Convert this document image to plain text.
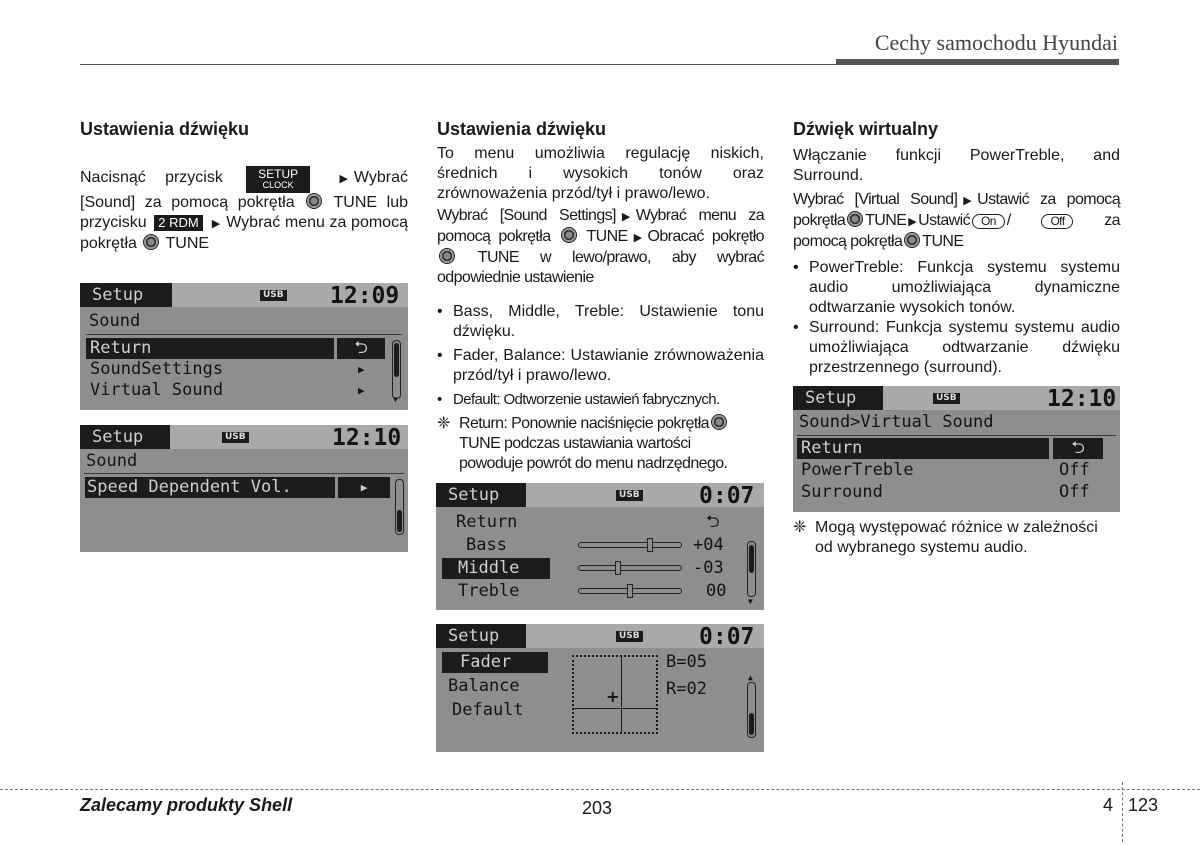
Cechy samochodu Hyundai
Ustawienia dźwięku

Nacisnąć przycisk	SETUP
CLOCK	▶ Wybrać [Sound] za pomocą pokrętła TUNE lub przycisku 2 RDM ▶ Wybrać menu za pomocą pokrętła TUNE

Setup	USB 12:09
Sound
Return	⮌
SoundSettings	▶
Virtual Sound	▶
▼
Setup	USB	12:10
Sound
Speed Dependent Vol.	▶
Ustawienia dźwięku

To menu umożliwia regulację niskich, średnich i wysokich tonów oraz zrównoważenia przód/tył i prawo/lewo.

Wybrać [Sound Settings] ▶ Wybrać menu za pomocą pokrętła TUNE ▶ Obracać pokrętło  TUNE w lewo/prawo, aby wybrać odpowiednie ustawienie

• Bass, Middle, Treble: Ustawienie tonu dźwięku.
• Fader, Balance: Ustawianie zrównoważenia przód/tył i prawo/lewo.
• Default: Odtworzenie ustawień fabrycznych.
❈ Return: Ponownie naciśnięcie pokrętła
TUNE podczas ustawiania wartości
powoduje powrót do menu nadrzędnego.
Setup	USB	0:07
Return	⮌
Bass	+04
Middle	-03
Treble	00
▼
Setup	USB	0:07
Fader
Balance
Default
+
B=05
R=02
▲
Dźwięk wirtualny

Włączanie funkcji PowerTreble, and Surround.

Wybrać [Virtual Sound] ▶ Ustawić za pomocą pokrętła TUNE ▶ Ustawić On / Off za pomocą pokrętła TUNE

• PowerTreble: Funkcja systemu systemu audio umożliwiająca dynamiczne odtwarzanie wysokich tonów.
• Surround: Funkcja systemu systemu audio umożliwiająca odtwarzanie dźwięku przestrzennego (surround).
Setup	USB	12:10
Sound>Virtual Sound
Return	⮌
PowerTreble	Off
Surround	Off
❈ Mogą występować różnice w zależności od wybranego systemu audio.
Zalecamy produkty Shell	203	4 123
